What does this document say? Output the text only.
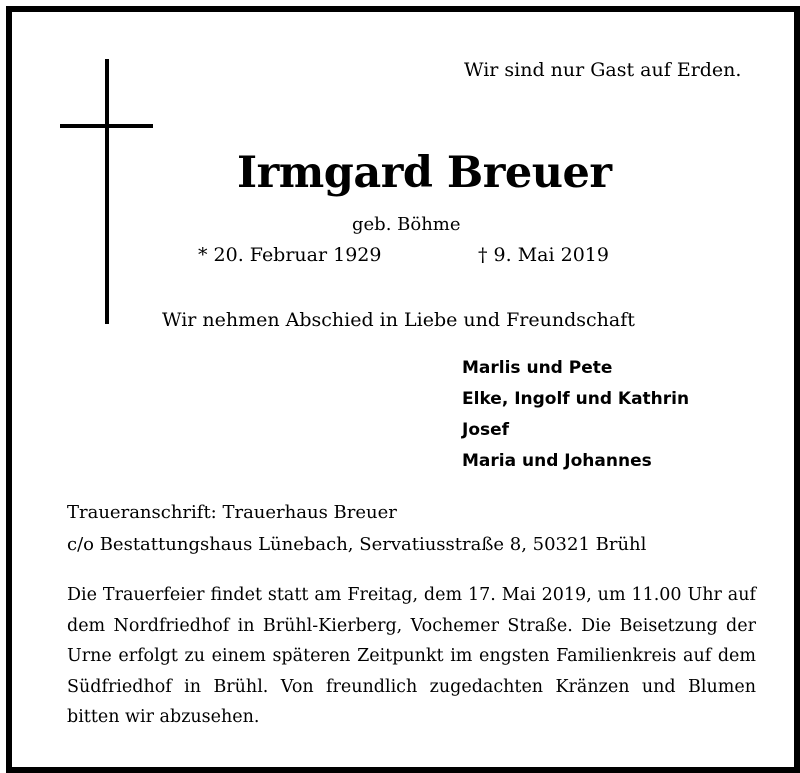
Wir sind nur Gast auf Erden.
Irmgard Breuer
geb. Böhme
* 20. Februar 1929	† 9. Mai 2019
Wir nehmen Abschied in Liebe und Freundschaft
Marlis und Pete
Elke, Ingolf und Kathrin
Josef
Maria und Johannes
Traueranschrift: Trauerhaus Breuer
c/o Bestattungshaus Lünebach, Servatiusstraße 8, 50321 Brühl
Die Trauerfeier findet statt am Freitag, dem 17. Mai 2019, um 11.00 Uhr auf dem Nordfriedhof in Brühl-Kierberg, Vochemer Straße. Die Beisetzung der Urne erfolgt zu einem späteren Zeitpunkt im engsten Familienkreis auf dem Südfriedhof in Brühl. Von freundlich zugedachten Kränzen und Blumen bitten wir abzusehen.
